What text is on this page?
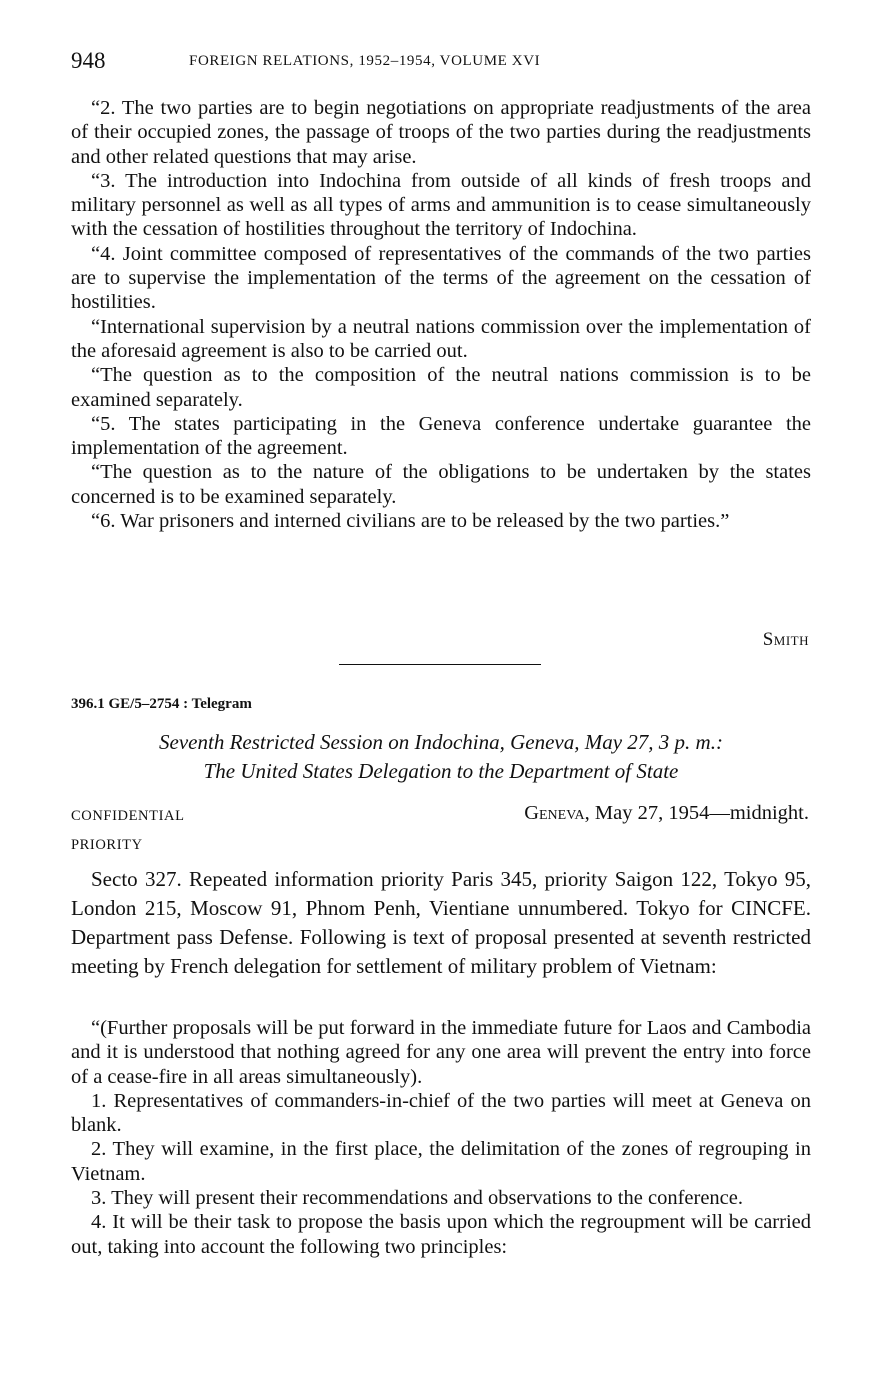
948	FOREIGN RELATIONS, 1952–1954, VOLUME XVI

“2. The two parties are to begin negotiations on appropriate readjustments of the area of their occupied zones, the passage of troops of the two parties during the readjustments and other related questions that may arise.

“3. The introduction into Indochina from outside of all kinds of fresh troops and military personnel as well as all types of arms and ammunition is to cease simultaneously with the cessation of hostilities throughout the territory of Indochina.

“4. Joint committee composed of representatives of the commands of the two parties are to supervise the implementation of the terms of the agreement on the cessation of hostilities.

“International supervision by a neutral nations commission over the implementation of the aforesaid agreement is also to be carried out.

“The question as to the composition of the neutral nations commission is to be examined separately.

“5. The states participating in the Geneva conference undertake guarantee the implementation of the agreement.

“The question as to the nature of the obligations to be undertaken by the states concerned is to be examined separately.

“6. War prisoners and interned civilians are to be released by the two parties.”

Smith
396.1 GE/5–2754 : Telegram
Seventh Restricted Session on Indochina, Geneva, May 27, 3 p. m.:
The United States Delegation to the Department of State
CONFIDENTIAL	Geneva, May 27, 1954—midnight.
PRIORITY

Secto 327. Repeated information priority Paris 345, priority Saigon 122, Tokyo 95, London 215, Moscow 91, Phnom Penh, Vientiane unnumbered. Tokyo for CINCFE. Department pass Defense. Following is text of proposal presented at seventh restricted meeting by French delegation for settlement of military problem of Vietnam:

“(Further proposals will be put forward in the immediate future for Laos and Cambodia and it is understood that nothing agreed for any one area will prevent the entry into force of a cease-fire in all areas simultaneously).

1. Representatives of commanders-in-chief of the two parties will meet at Geneva on blank.

2. They will examine, in the first place, the delimitation of the zones of regrouping in Vietnam.

3. They will present their recommendations and observations to the conference.

4. It will be their task to propose the basis upon which the regroupment will be carried out, taking into account the following two principles:
